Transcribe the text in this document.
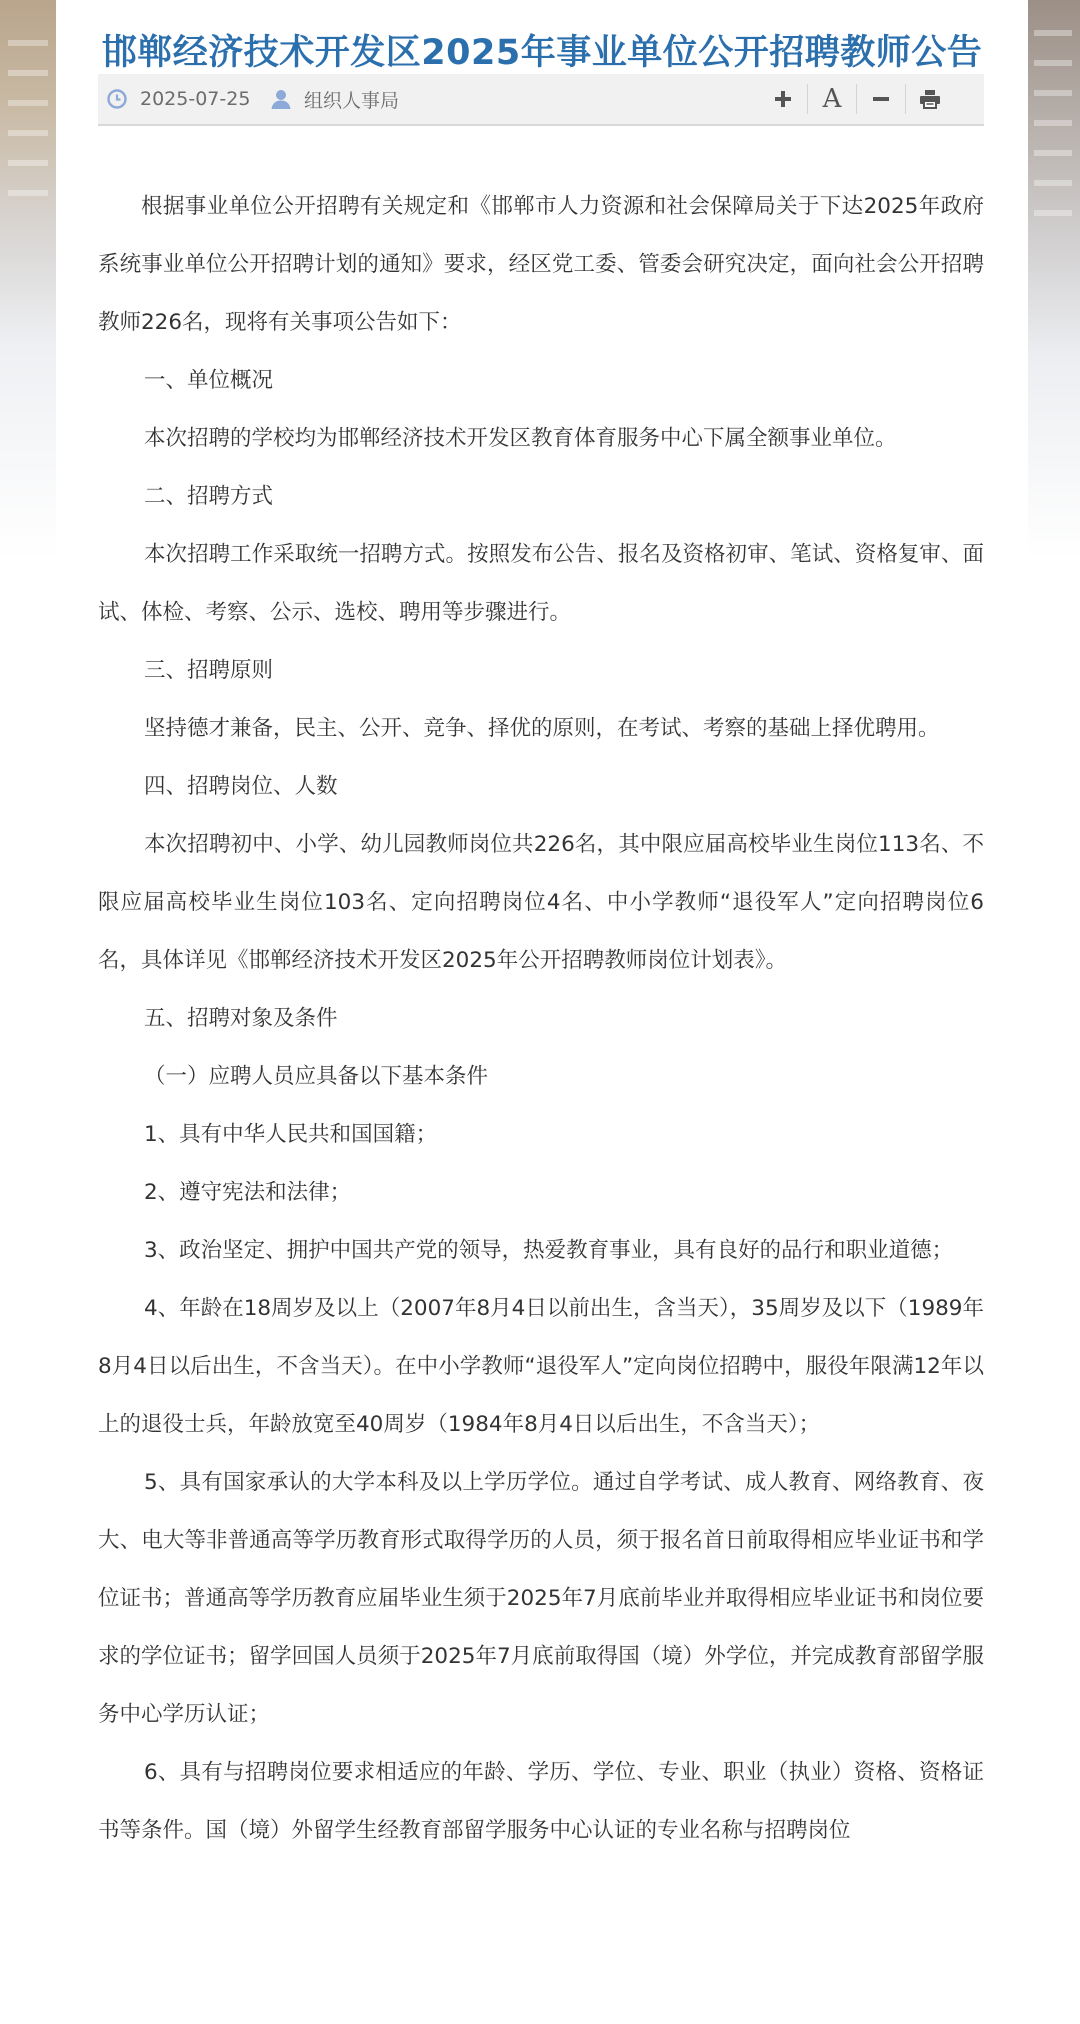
邯郸经济技术开发区2025年事业单位公开招聘教师公告
2025-07-25	组织人事局	A

根据事业单位公开招聘有关规定和《邯郸市人力资源和社会保障局关于下达2025年政府系统事业单位公开招聘计划的通知》要求，经区党工委、管委会研究决定，面向社会公开招聘教师226名，现将有关事项公告如下：

一、单位概况

本次招聘的学校均为邯郸经济技术开发区教育体育服务中心下属全额事业单位。

二、招聘方式

本次招聘工作采取统一招聘方式。按照发布公告、报名及资格初审、笔试、资格复审、面试、体检、考察、公示、选校、聘用等步骤进行。

三、招聘原则

坚持德才兼备，民主、公开、竞争、择优的原则，在考试、考察的基础上择优聘用。

四、招聘岗位、人数

本次招聘初中、小学、幼儿园教师岗位共226名，其中限应届高校毕业生岗位113名、不限应届高校毕业生岗位103名、定向招聘岗位4名、中小学教师“退役军人”定向招聘岗位6名，具体详见《邯郸经济技术开发区2025年公开招聘教师岗位计划表》。

五、招聘对象及条件

（一）应聘人员应具备以下基本条件

1、具有中华人民共和国国籍；

2、遵守宪法和法律；

3、政治坚定、拥护中国共产党的领导，热爱教育事业，具有良好的品行和职业道德；

4、年龄在18周岁及以上（2007年8月4日以前出生，含当天），35周岁及以下（1989年8月4日以后出生，不含当天）。在中小学教师“退役军人”定向岗位招聘中，服役年限满12年以上的退役士兵，年龄放宽至40周岁（1984年8月4日以后出生，不含当天）；

5、具有国家承认的大学本科及以上学历学位。通过自学考试、成人教育、网络教育、夜大、电大等非普通高等学历教育形式取得学历的人员，须于报名首日前取得相应毕业证书和学位证书；普通高等学历教育应届毕业生须于2025年7月底前毕业并取得相应毕业证书和岗位要求的学位证书；留学回国人员须于2025年7月底前取得国（境）外学位，并完成教育部留学服务中心学历认证；

6、具有与招聘岗位要求相适应的年龄、学历、学位、专业、职业（执业）资格、资格证书等条件。国（境）外留学生经教育部留学服务中心认证的专业名称与招聘岗位
